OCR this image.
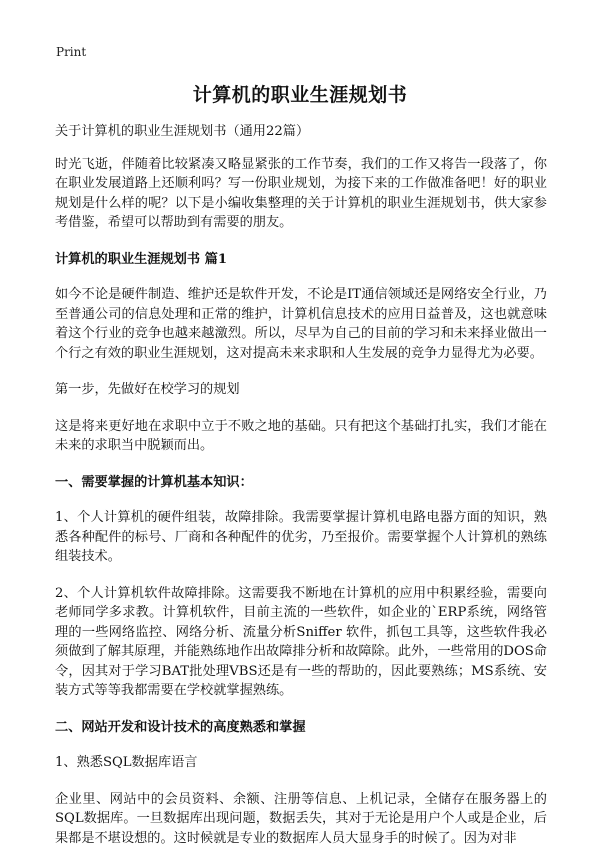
Print
计算机的职业生涯规划书

关于计算机的职业生涯规划书（通用22篇）

时光飞逝，伴随着比较紧凑又略显紧张的工作节奏，我们的工作又将告一段落了，你在职业发展道路上还顺利吗？写一份职业规划，为接下来的工作做准备吧！好的职业规划是什么样的呢？以下是小编收集整理的关于计算机的职业生涯规划书，供大家参考借鉴，希望可以帮助到有需要的朋友。

计算机的职业生涯规划书 篇1

如今不论是硬件制造、维护还是软件开发，不论是IT通信领域还是网络安全行业，乃至普通公司的信息处理和正常的维护，计算机信息技术的应用日益普及，这也就意味着这个行业的竞争也越来越激烈。所以，尽早为自己的目前的学习和未来择业做出一个行之有效的职业生涯规划，这对提高未来求职和人生发展的竞争力显得尤为必要。

第一步，先做好在校学习的规划

这是将来更好地在求职中立于不败之地的基础。只有把这个基础打扎实，我们才能在未来的求职当中脱颖而出。

一、需要掌握的计算机基本知识：

1、个人计算机的硬件组装，故障排除。我需要掌握计算机电路电器方面的知识，熟悉各种配件的标号、厂商和各种配件的优劣，乃至报价。需要掌握个人计算机的熟练组装技术。

2、个人计算机软件故障排除。这需要我不断地在计算机的应用中积累经验，需要向老师同学多求教。计算机软件，目前主流的一些软件，如企业的`ERP系统，网络管理的一些网络监控、网络分析、流量分析Sniffer 软件，抓包工具等，这些软件我必须做到了解其原理，并能熟练地作出故障排分析和故障除。此外，一些常用的DOS命令，因其对于学习BAT批处理VBS还是有一些的帮助的，因此要熟练；MS系统、安装方式等等我都需要在学校就掌握熟练。

二、网站开发和设计技术的高度熟悉和掌握

1、熟悉SQL数据库语言

企业里、网站中的会员资料、余额、注册等信息、上机记录，全储存在服务器上的SQL数据库。一旦数据库出现问题，数据丢失，其对于无论是用户个人或是企业，后果都是不堪设想的。这时候就是专业的数据库人员大显身手的时候了。因为对非
